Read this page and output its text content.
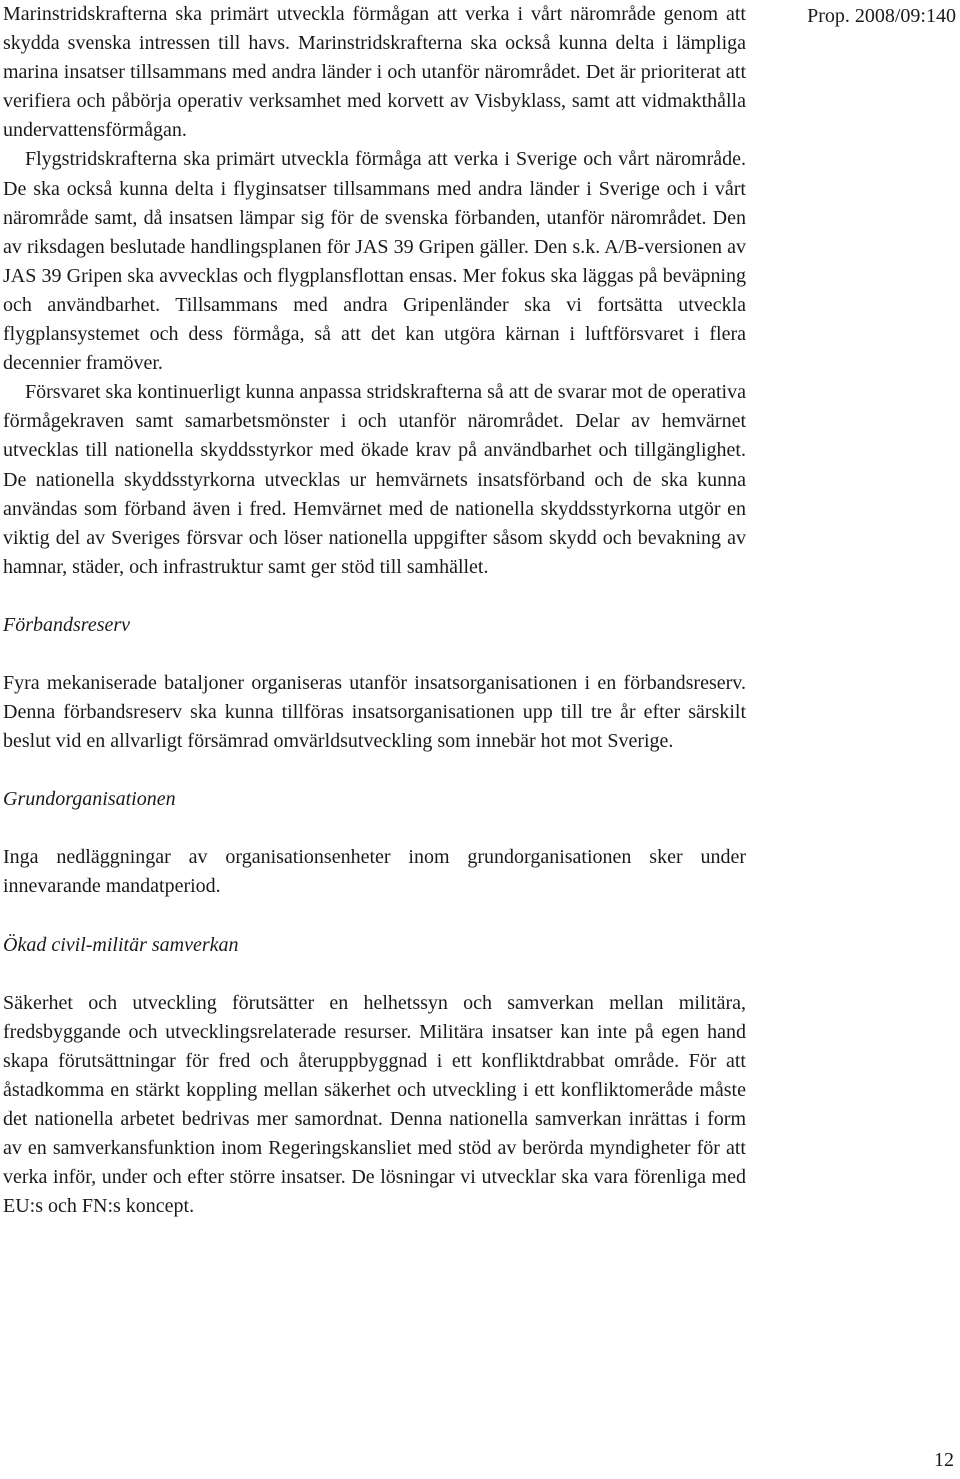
Prop. 2008/09:140

Marinstridskrafterna ska primärt utveckla förmågan att verka i vårt närområde genom att skydda svenska intressen till havs. Marinstridskrafterna ska också kunna delta i lämpliga marina insatser tillsammans med andra länder i och utanför närområdet. Det är prioriterat att verifiera och påbörja operativ verksamhet med korvett av Visbyklass, samt att vidmakthålla undervattensförmågan.

Flygstridskrafterna ska primärt utveckla förmåga att verka i Sverige och vårt närområde. De ska också kunna delta i flyginsatser tillsammans med andra länder i Sverige och i vårt närområde samt, då insatsen lämpar sig för de svenska förbanden, utanför närområdet. Den av riksdagen beslutade handlingsplanen för JAS 39 Gripen gäller. Den s.k. A/B-versionen av JAS 39 Gripen ska avvecklas och flygplansflottan ensas. Mer fokus ska läggas på beväpning och användbarhet. Tillsammans med andra Gripenländer ska vi fortsätta utveckla flygplansystemet och dess förmåga, så att det kan utgöra kärnan i luftförsvaret i flera decennier framöver.

Försvaret ska kontinuerligt kunna anpassa stridskrafterna så att de svarar mot de operativa förmågekraven samt samarbetsmönster i och utanför närområdet. Delar av hemvärnet utvecklas till nationella skyddsstyrkor med ökade krav på användbarhet och tillgänglighet. De nationella skyddsstyrkorna utvecklas ur hemvärnets insatsförband och de ska kunna användas som förband även i fred. Hemvärnet med de nationella skyddsstyrkorna utgör en viktig del av Sveriges försvar och löser nationella uppgifter såsom skydd och bevakning av hamnar, städer, och infrastruktur samt ger stöd till samhället.

Förbandsreserv

Fyra mekaniserade bataljoner organiseras utanför insatsorganisationen i en förbandsreserv. Denna förbandsreserv ska kunna tillföras insatsorganisationen upp till tre år efter särskilt beslut vid en allvarligt försämrad omvärldsutveckling som innebär hot mot Sverige.

Grundorganisationen

Inga nedläggningar av organisationsenheter inom grundorganisationen sker under innevarande mandatperiod.

Ökad civil-militär samverkan

Säkerhet och utveckling förutsätter en helhetssyn och samverkan mellan militära, fredsbyggande och utvecklingsrelaterade resurser. Militära insatser kan inte på egen hand skapa förutsättningar för fred och återuppbyggnad i ett konfliktdrabbat område. För att åstadkomma en stärkt koppling mellan säkerhet och utveckling i ett konfliktomeråde måste det nationella arbetet bedrivas mer samordnat. Denna nationella samverkan inrättas i form av en samverkansfunktion inom Regeringskansliet med stöd av berörda myndigheter för att verka inför, under och efter större insatser. De lösningar vi utvecklar ska vara förenliga med EU:s och FN:s koncept.

12
